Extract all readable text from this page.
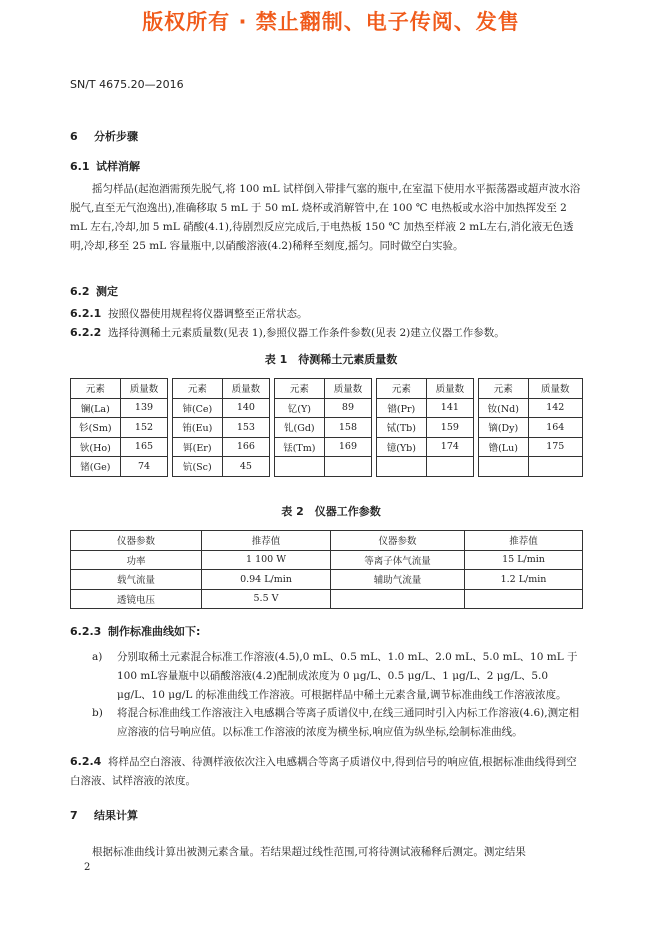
版权所有 · 禁止翻制、电子传阅、发售
SN/T 4675.20—2016
6 分析步骤
6.1 试样消解
摇匀样品(起泡酒需预先脱气,将 100 mL 试样倒入带排气塞的瓶中,在室温下使用水平振荡器或超声波水浴脱气,直至无气泡逸出),准确移取 5 mL 于 50 mL 烧杯或消解管中,在 100 ℃ 电热板或水浴中加热挥发至 2 mL 左右,冷却,加 5 mL 硝酸(4.1),待剧烈反应完成后,于电热板 150 ℃ 加热至样液 2 mL左右,消化液无色透明,冷却,移至 25 mL 容量瓶中,以硝酸溶液(4.2)稀释至刻度,摇匀。同时做空白实验。
6.2 测定
6.2.1 按照仪器使用规程将仪器调整至正常状态。
6.2.2 选择待测稀土元素质量数(见表 1),参照仪器工作条件参数(见表 2)建立仪器工作参数。
表 1　待测稀土元素质量数
元素	质量数		元素	质量数		元素	质量数		元素	质量数		元素	质量数
镧(La)	139		铈(Ce)	140		钇(Y)	89		镨(Pr)	141		钕(Nd)	142
钐(Sm)	152		铕(Eu)	153		钆(Gd)	158		铽(Tb)	159		镝(Dy)	164
钬(Ho)	165		铒(Er)	166		铥(Tm)	169		镱(Yb)	174		镥(Lu)	175
锗(Ge)	74		钪(Sc)	45									
表 2　仪器工作参数
仪器参数	推荐值	仪器参数	推荐值
功率	1 100 W	等离子体气流量	15 L/min
载气流量	0.94 L/min	辅助气流量	1.2 L/min
透镜电压	5.5 V		
6.2.3 制作标准曲线如下:
a) 分别取稀土元素混合标准工作溶液(4.5),0 mL、0.5 mL、1.0 mL、2.0 mL、5.0 mL、10 mL 于 100 mL容量瓶中以硝酸溶液(4.2)配制成浓度为 0 μg/L、0.5 μg/L、1 μg/L、2 μg/L、5.0 μg/L、10 μg/L 的标准曲线工作溶液。可根据样品中稀土元素含量,调节标准曲线工作溶液浓度。
b) 将混合标准曲线工作溶液注入电感耦合等离子质谱仪中,在线三通同时引入内标工作溶液(4.6),测定相应溶液的信号响应值。以标准工作溶液的浓度为横坐标,响应值为纵坐标,绘制标准曲线。
6.2.4 将样品空白溶液、待测样液依次注入电感耦合等离子质谱仪中,得到信号的响应值,根据标准曲线得到空白溶液、试样溶液的浓度。
7 结果计算
根据标准曲线计算出被测元素含量。若结果超过线性范围,可将待测试液稀释后测定。测定结果
2
